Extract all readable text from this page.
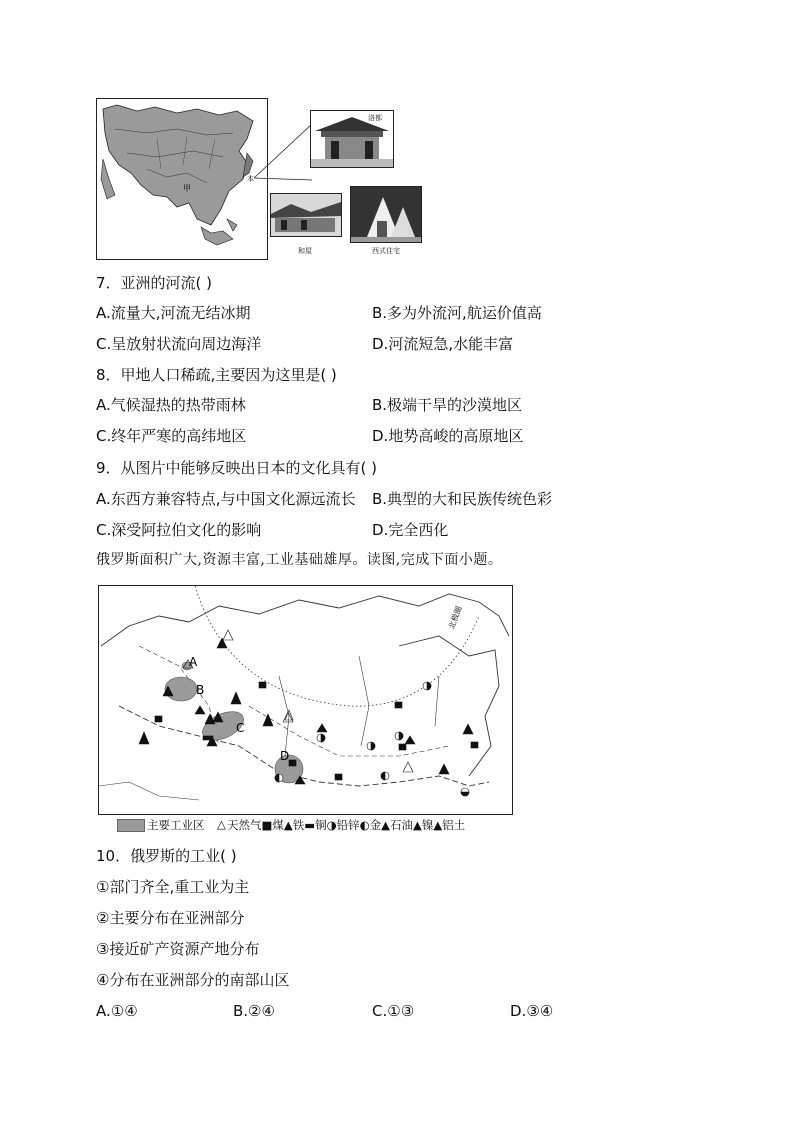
甲
本
洛都
和屋	西式住宅
7．亚洲的河流( )
A.流量大,河流无结冰期	B.多为外流河,航运价值高
C.呈放射状流向周边海洋	D.河流短急,水能丰富
8．甲地人口稀疏,主要因为这里是( )
A.气候湿热的热带雨林	B.极端干旱的沙漠地区
C.终年严寒的高纬地区	D.地势高峻的高原地区
9．从图片中能够反映出日本的文化具有( )
A.东西方兼容特点,与中国文化源远流长 B.典型的大和民族传统色彩
C.深受阿拉伯文化的影响	D.完全西化
俄罗斯面积广大,资源丰富,工业基础雄厚。读图,完成下面小题。
北极圈
A
B
C
D
主要工业区 △ 天然气■煤▲铁▬铜◑铅锌◐金▲石油▲镍▲铝土
10．俄罗斯的工业( )
①部门齐全,重工业为主
②主要分布在亚洲部分
③接近矿产资源产地分布
④分布在亚洲部分的南部山区
A.①④	B.②④	C.①③	D.③④
